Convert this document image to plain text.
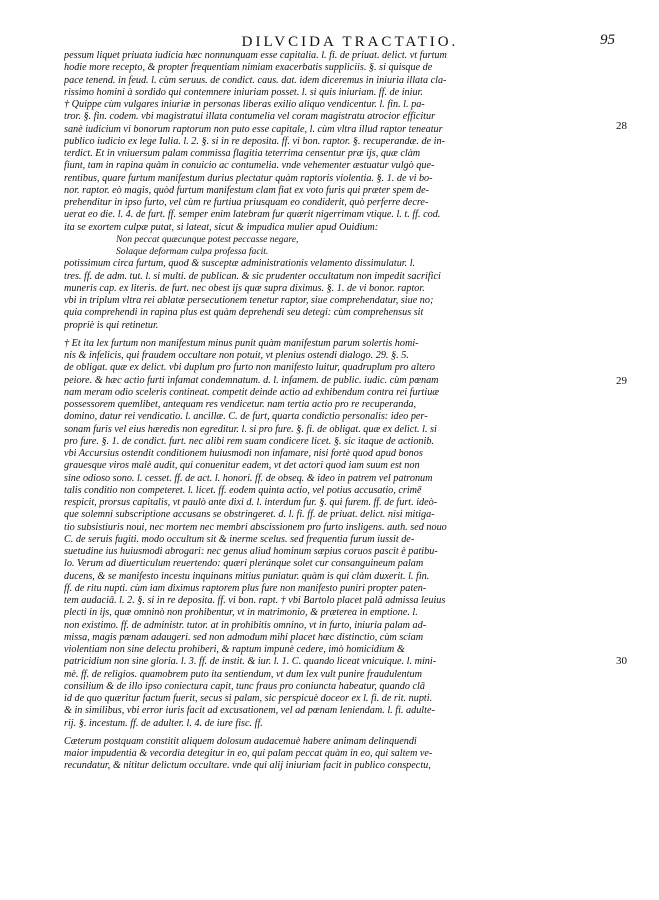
DILVCIDA TRACTATIO.	95
28
29
30
pessum liquet priuata iudicia hæc nonnunquam esse capitalia. l. fi. de priuat. delict. vt furtum
hodie more recepto, & propter frequentiam nimiam exacerbatis suppliciis. §. si quisque de
pace tenend. in feud. l. cùm seruus. de condict. caus. dat. idem diceremus in iniuria illata cla-
rissimo homini à sordido qui contemnere iniuriam posset. l. si quis iniuriam. ff. de iniur.
† Quippe cùm vulgares iniuriæ in personas liberas exilio aliquo vendicentur. l. fin. l. pa-
tror. §. fin. codem. vbi magistratui illata contumelia vel coram magistratu atrocior efficitur
sanè iudicium vi bonorum raptorum non puto esse capitale, l. cùm vltra illud raptor teneatur
publico iudicio ex lege Iulia. l. 2. §. si in re deposita. ff. vi bon. raptor. §. recuperandæ. de in-
terdict. Et in vniuersum palam commissa flagitia teterrima censentur præ ijs, quæ clàm
fiunt, tam in rapina quàm in conuicio ac contumelia. vnde vehementer æstuatur vulgò que-
rentibus, quare furtum manifestum durius plectatur quàm raptoris violentia. §. 1. de vi bo-
nor. raptor. eò magis, quòd furtum manifestum clam fiat ex voto furis qui præter spem de-
prehenditur in ipso furto, vel cùm re furtiua priusquam eo condiderit, quò perferre decre-
uerat eo die. l. 4. de furt. ff. semper enim latebram fur quærit nigerrimam vtique. l. t. ff. cod.
ita se exortem culpæ putat, si lateat, sicut & impudica mulier apud Ouidium:
Non peccat quæcunque potest peccasse negare,
Solaque deformam culpa professa facit.
potissimum circa furtum, quod & susceptæ administrationis velamento dissimulatur. l.
tres. ff. de adm. tut. l. si multi. de publican. & sic prudenter occultatum non impedit sacrifici
muneris cap. ex literis. de furt. nec obest ijs quæ supra diximus. §. 1. de vi bonor. raptor.
vbi in triplum vltra rei ablatæ persecutionem tenetur raptor, siue comprehendatur, siue no;
quia comprehendi in rapina plus est quàm deprehendi seu detegi: cùm comprehensus sit
propriè is qui retinetur.
† Et ita lex furtum non manifestum minus punit quàm manifestum parum solertis homi-
nis & infelicis, qui fraudem occultare non potuit, vt plenius ostendi dialogo. 29. §. 5.
de obligat. quæ ex delict. vbi duplum pro furto non manifesto luitur, quadruplum pro altero
peiore. & hæc actio furti infamat condemnatum. d. l. infamem. de public. iudic. cùm pœnam
nam meram odio sceleris contineat. competit deinde actio ad exhibendum contra rei furtiuæ
possessorem quemlibet, antequam res vendicetur. nam tertia actio pro re recuperanda,
domino, datur rei vendicatio. l. ancillæ. C. de furt, quarta condictio personalis: ideo per-
sonam furis vel eius hæredis non egreditur. l. si pro fure. §. fi. de obligat. quæ ex delict. l. si
pro fure. §. 1. de condict. furt. nec alibi rem suam condicere licet. §. sic itaque de actionib.
vbi Accursius ostendit conditionem huiusmodi non infamare, nisi fortè quod apud bonos
grauesque viros malè audit, qui conuenitur eadem, vt det actori quod iam suum est non
sine odioso sono. l. cesset. ff. de act. l. honori. ff. de obseq. & ideo in patrem vel patronum
talis conditio non competeret. l. licet. ff. eodem quinta actio, vel potius accusatio, crimē
respicit, prorsus capitalis, vt paulò ante dixi d. l. interdum fur. §. qui furem. ff. de furt. ideò-
que solemni subscriptione accusans se obstringeret. d. l. fi. ff. de priuat. delict. nisi mitiga-
tio subsistiuris noui, nec mortem nec membri abscissionem pro furto insligens. auth. sed nouo
C. de seruis fugiti. modo occultum sit & inerme scelus. sed frequentia furum iussit de-
suetudine ius huiusmodi abrogari: nec genus aliud hominum sæpius coruos pascit è patibu-
lo. Verum ad diuerticulum reuertendo: quæri plerúnque solet cur consanguineum palam
ducens, & se manifesto incestu inquinans mitius puniatur. quàm is qui clàm duxerit. l. fin.
ff. de ritu nupti. cùm iam diximus raptorem plus fure non manifesto puniri propter paten-
tem audaciā. l. 2. §. si in re deposita. ff. vi bon. rapt. † vbi Bartolo placet palā admissa leuius
plecti in ijs, quæ omninò non prohibentur, vt in matrimonio, & præterea in emptione. l.
non existimo. ff. de administr. tutor. at in prohibitis omnino, vt in furto, iniuria palam ad-
missa, magis pœnam adaugeri. sed non admodum mihi placet hæc distinctio, cùm sciam
violentiam non sine delectu prohiberi, & raptum impunè cedere, imò homicidium &
patricidium non sine gloria. l. 3. ff. de instit. & iur. l. 1. C. quando liceat vnicuique. l. mini-
mè. ff. de religios. quamobrem puto ita sentiendum, vt dum lex vult punire fraudulentum
consilium & de illo ipso coniectura capit, tunc fraus pro coniuncta habeatur, quando clā
id de quo quæritur factum fuerit, secus si palam, sic perspicuè doceor ex l. fi. de rit. nupti.
& in similibus, vbi error iuris facit ad excusationem, vel ad pœnam leniendam. l. fi. adulte-
rij. §. incestum. ff. de adulter. l. 4. de iure fisc. ff.
Cæterum postquam constitit aliquem dolosum audacemuè habere animam delinquendi
maior impudentia & vecordia detegitur in eo, qui palam peccat quàm in eo, qui saltem ve-
recundatur, & nititur delictum occultare. vnde qui alij iniuriam facit in publico conspectu,
